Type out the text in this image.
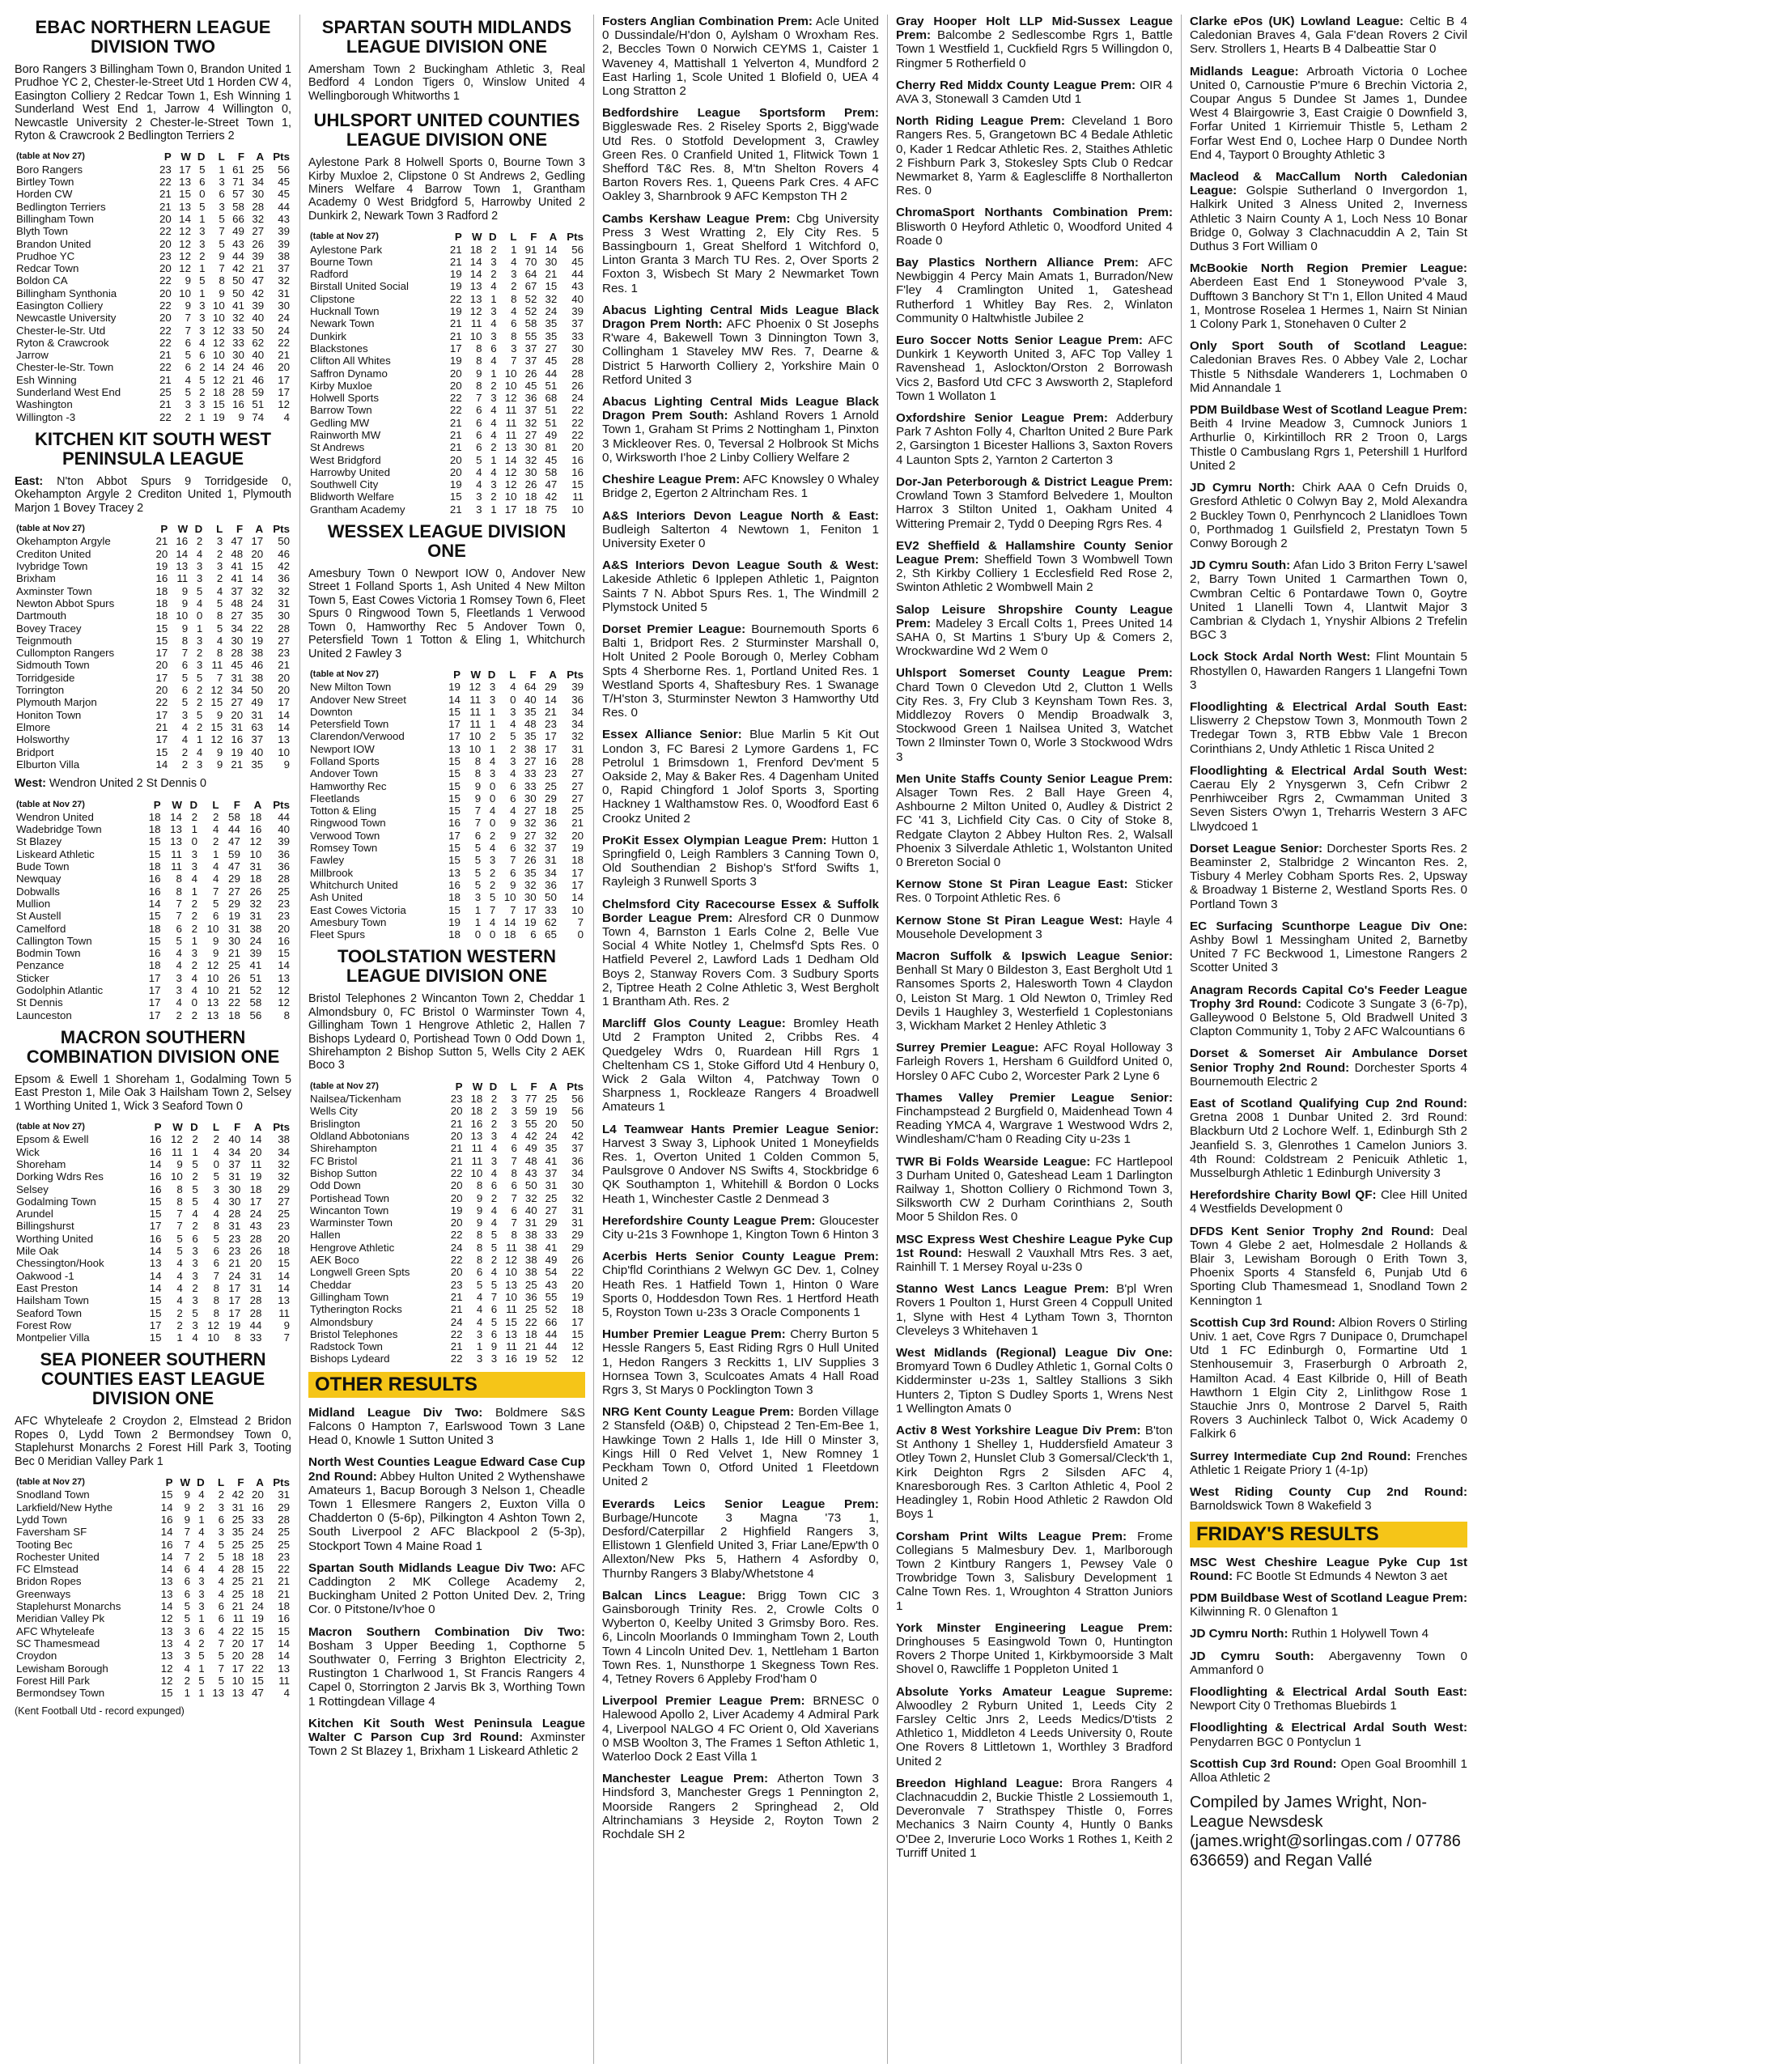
EBAC NORTHERN LEAGUE DIVISION TWO
Boro Rangers 3 Billingham Town 0, Brandon United 1 Prudhoe YC 2, Chester-le-Street Utd 1 Horden CW 4, Easington Colliery 2 Redcar Town 1, Esh Winning 1 Sunderland West End 1, Jarrow 4 Willington 0, Newcastle University 2 Chester-le-Street Town 1, Ryton & Crawcrook 2 Bedlington Terriers 2
(table at Nov 27)	P	W	D	L	F	A	Pts
Boro Rangers	23	17	5	1	61	25	56
Birtley Town	22	13	6	3	71	34	45
Horden CW	21	15	0	6	57	30	45
Bedlington Terriers	21	13	5	3	58	28	44
Billingham Town	20	14	1	5	66	32	43
Blyth Town	22	12	3	7	49	27	39
Brandon United	20	12	3	5	43	26	39
Prudhoe YC	23	12	2	9	44	39	38
Redcar Town	20	12	1	7	42	21	37
Boldon CA	22	9	5	8	50	47	32
Billingham Synthonia	20	10	1	9	50	42	31
Easington Colliery	22	9	3	10	41	39	30
Newcastle University	20	7	3	10	32	40	24
Chester-le-Str. Utd	22	7	3	12	33	50	24
Ryton & Crawcrook	22	6	4	12	33	62	22
Jarrow	21	5	6	10	30	40	21
Chester-le-Str. Town	22	6	2	14	24	46	20
Esh Winning	21	4	5	12	21	46	17
Sunderland West End	25	5	2	18	28	59	17
Washington	21	3	3	15	16	51	12
Willington -3	22	2	1	19	9	74	4
KITCHEN KIT SOUTH WEST PENINSULA LEAGUE
East: N'ton Abbot Spurs 9 Torridgeside 0, Okehampton Argyle 2 Crediton United 1, Plymouth Marjon 1 Bovey Tracey 2
(table at Nov 27)	P	W	D	L	F	A	Pts
Okehampton Argyle	21	16	2	3	47	17	50
Crediton United	20	14	4	2	48	20	46
Ivybridge Town	19	13	3	3	41	15	42
Brixham	16	11	3	2	41	14	36
Axminster Town	18	9	5	4	37	32	32
Newton Abbot Spurs	18	9	4	5	48	24	31
Dartmouth	18	10	0	8	27	35	30
Bovey Tracey	15	9	1	5	34	22	28
Teignmouth	15	8	3	4	30	19	27
Cullompton Rangers	17	7	2	8	28	38	23
Sidmouth Town	20	6	3	11	45	46	21
Torridgeside	17	5	5	7	31	38	20
Torrington	20	6	2	12	34	50	20
Plymouth Marjon	22	5	2	15	27	49	17
Honiton Town	17	3	5	9	20	31	14
Elmore	21	4	2	15	31	63	14
Holsworthy	17	4	1	12	16	37	13
Bridport	15	2	4	9	19	40	10
Elburton Villa	14	2	3	9	21	35	9
West: Wendron United 2 St Dennis 0
(table at Nov 27)	P	W	D	L	F	A	Pts
Wendron United	18	14	2	2	58	18	44
Wadebridge Town	18	13	1	4	44	16	40
St Blazey	15	13	0	2	47	12	39
Liskeard Athletic	15	11	3	1	59	10	36
Bude Town	18	11	3	4	47	31	36
Newquay	16	8	4	4	29	18	28
Dobwalls	16	8	1	7	27	26	25
Mullion	14	7	2	5	29	32	23
St Austell	15	7	2	6	19	31	23
Camelford	18	6	2	10	31	38	20
Callington Town	15	5	1	9	30	24	16
Bodmin Town	16	4	3	9	21	39	15
Penzance	18	4	2	12	25	41	14
Sticker	17	3	4	10	26	51	13
Godolphin Atlantic	17	3	4	10	21	52	12
St Dennis	17	4	0	13	22	58	12
Launceston	17	2	2	13	18	56	8
MACRON SOUTHERN COMBINATION DIVISION ONE
Epsom & Ewell 1 Shoreham 1, Godalming Town 5 East Preston 1, Mile Oak 3 Hailsham Town 2, Selsey 1 Worthing United 1, Wick 3 Seaford Town 0
(table at Nov 27)	P	W	D	L	F	A	Pts
Epsom & Ewell	16	12	2	2	40	14	38
Wick	16	11	1	4	34	20	34
Shoreham	14	9	5	0	37	11	32
Dorking Wdrs Res	16	10	2	5	31	19	32
Selsey	16	8	5	3	30	18	29
Godalming Town	15	8	5	4	30	17	27
Arundel	15	7	4	4	28	24	25
Billingshurst	17	7	2	8	31	43	23
Worthing United	16	5	6	5	23	28	20
Mile Oak	14	5	3	6	23	26	18
Chessington/Hook	13	4	3	6	21	20	15
Oakwood -1	14	4	3	7	24	31	14
East Preston	14	4	2	8	17	31	14
Hailsham Town	15	4	3	8	17	28	13
Seaford Town	15	2	5	8	17	28	11
Forest Row	17	2	3	12	19	44	9
Montpelier Villa	15	1	4	10	8	33	7
SEA PIONEER SOUTHERN COUNTIES EAST LEAGUE DIVISION ONE
AFC Whyteleafe 2 Croydon 2, Elmstead 2 Bridon Ropes 0, Lydd Town 2 Bermondsey Town 0, Staplehurst Monarchs 2 Forest Hill Park 3, Tooting Bec 0 Meridian Valley Park 1
(table at Nov 27)	P	W	D	L	F	A	Pts
Snodland Town	15	9	4	2	42	20	31
Larkfield/New Hythe	14	9	2	3	31	16	29
Lydd Town	16	9	1	6	25	33	28
Faversham SF	14	7	4	3	35	24	25
Tooting Bec	16	7	4	5	25	25	25
Rochester United	14	7	2	5	18	18	23
FC Elmstead	14	6	4	4	28	15	22
Bridon Ropes	13	6	3	4	25	21	21
Greenways	13	6	3	4	25	18	21
Staplehurst Monarchs	14	5	3	6	21	24	18
Meridian Valley Pk	12	5	1	6	11	19	16
AFC Whyteleafe	13	3	6	4	22	15	15
SC Thamesmead	13	4	2	7	20	17	14
Croydon	13	3	5	5	20	28	14
Lewisham Borough	12	4	1	7	17	22	13
Forest Hill Park	12	2	5	5	10	15	11
Bermondsey Town	15	1	1	13	13	47	4
(Kent Football Utd - record expunged)
SPARTAN SOUTH MIDLANDS LEAGUE DIVISION ONE
Amersham Town 2 Buckingham Athletic 3, Real Bedford 4 London Tigers 0, Winslow United 4 Wellingborough Whitworths 1
UHLSPORT UNITED COUNTIES LEAGUE DIVISION ONE
Aylestone Park 8 Holwell Sports 0, Bourne Town 3 Kirby Muxloe 2, Clipstone 0 St Andrews 2, Gedling Miners Welfare 4 Barrow Town 1, Grantham Academy 0 West Bridgford 5, Harrowby United 2 Dunkirk 2, Newark Town 3 Radford 2
(table at Nov 27)	P	W	D	L	F	A	Pts
Aylestone Park	21	18	2	1	91	14	56
Bourne Town	21	14	3	4	70	30	45
Radford	19	14	2	3	64	21	44
Birstall United Social	19	13	4	2	67	15	43
Clipstone	22	13	1	8	52	32	40
Hucknall Town	19	12	3	4	52	24	39
Newark Town	21	11	4	6	58	35	37
Dunkirk	21	10	3	8	55	35	33
Blackstones	17	8	6	3	37	27	30
Clifton All Whites	19	8	4	7	37	45	28
Saffron Dynamo	20	9	1	10	26	44	28
Kirby Muxloe	20	8	2	10	45	51	26
Holwell Sports	22	7	3	12	36	68	24
Barrow Town	22	6	4	11	37	51	22
Gedling MW	21	6	4	11	32	51	22
Rainworth MW	21	6	4	11	27	49	22
St Andrews	21	6	2	13	30	81	20
West Bridgford	20	5	1	14	32	45	16
Harrowby United	20	4	4	12	30	58	16
Southwell City	19	4	3	12	26	47	15
Blidworth Welfare	15	3	2	10	18	42	11
Grantham Academy	21	3	1	17	18	75	10
WESSEX LEAGUE DIVISION ONE
Amesbury Town 0 Newport IOW 0, Andover New Street 1 Folland Sports 1, Ash United 4 New Milton Town 5, East Cowes Victoria 1 Romsey Town 6, Fleet Spurs 0 Ringwood Town 5, Fleetlands 1 Verwood Town 0, Hamworthy Rec 5 Andover Town 0, Petersfield Town 1 Totton & Eling 1, Whitchurch United 2 Fawley 3
(table at Nov 27)	P	W	D	L	F	A	Pts
New Milton Town	19	12	3	4	64	29	39
Andover New Street	14	11	3	0	40	14	36
Downton	15	11	1	3	35	21	34
Petersfield Town	17	11	1	4	48	23	34
Clarendon/Verwood	17	10	2	5	35	17	32
Newport IOW	13	10	1	2	38	17	31
Folland Sports	15	8	4	3	27	16	28
Andover Town	15	8	3	4	33	23	27
Hamworthy Rec	15	9	0	6	33	25	27
Fleetlands	15	9	0	6	30	29	27
Totton & Eling	15	7	4	4	27	18	25
Ringwood Town	16	7	0	9	32	36	21
Verwood Town	17	6	2	9	27	32	20
Romsey Town	15	5	4	6	32	37	19
Fawley	15	5	3	7	26	31	18
Millbrook	13	5	2	6	35	34	17
Whitchurch United	16	5	2	9	32	36	17
Ash United	18	3	5	10	30	50	14
East Cowes Victoria	15	1	7	7	17	33	10
Amesbury Town	19	1	4	14	19	62	7
Fleet Spurs	18	0	0	18	6	65	0
TOOLSTATION WESTERN LEAGUE DIVISION ONE
Bristol Telephones 2 Wincanton Town 2, Cheddar 1 Almondsbury 0, FC Bristol 0 Warminster Town 4, Gillingham Town 1 Hengrove Athletic 2, Hallen 7 Bishops Lydeard 0, Portishead Town 0 Odd Down 1, Shirehampton 2 Bishop Sutton 5, Wells City 2 AEK Boco 3
(table at Nov 27)	P	W	D	L	F	A	Pts
Nailsea/Tickenham	23	18	2	3	77	25	56
Wells City	20	18	2	3	59	19	56
Brislington	21	16	2	3	55	20	50
Oldland Abbotonians	20	13	3	4	42	24	42
Shirehampton	21	11	4	6	49	35	37
FC Bristol	21	11	3	7	48	41	36
Bishop Sutton	22	10	4	8	43	37	34
Odd Down	20	8	6	6	50	31	30
Portishead Town	20	9	2	7	32	25	32
Wincanton Town	19	9	4	6	40	27	31
Warminster Town	20	9	4	7	31	29	31
Hallen	22	8	5	8	38	33	29
Hengrove Athletic	24	8	5	11	38	41	29
AEK Boco	22	8	2	12	38	49	26
Longwell Green Spts	20	6	4	10	38	54	22
Cheddar	23	5	5	13	25	43	20
Gillingham Town	21	4	7	10	36	55	19
Tytherington Rocks	21	4	6	11	25	52	18
Almondsbury	24	4	5	15	22	66	17
Bristol Telephones	22	3	6	13	18	44	15
Radstock Town	21	1	9	11	21	44	12
Bishops Lydeard	22	3	3	16	19	52	12
OTHER RESULTS
Midland League Div Two: Boldmere S&S Falcons 0 Hampton 7, Earlswood Town 3 Lane Head 0, Knowle 1 Sutton United 3
North West Counties League Edward Case Cup 2nd Round: Abbey Hulton United 2 Wythenshawe Amateurs 1, Bacup Borough 3 Nelson 1, Cheadle Town 1 Ellesmere Rangers 2, Euxton Villa 0 Chadderton 0 (5-6p), Pilkington 4 Ashton Town 2, South Liverpool 2 AFC Blackpool 2 (5-3p), Stockport Town 4 Maine Road 1
Spartan South Midlands League Div Two: AFC Caddington 2 MK College Academy 2, Buckingham United 2 Potton United Dev. 2, Tring Cor. 0 Pitstone/Iv'hoe 0
Macron Southern Combination Div Two: Bosham 3 Upper Beeding 1, Copthorne 5 Southwater 0, Ferring 3 Brighton Electricity 2, Rustington 1 Charlwood 1, St Francis Rangers 4 Capel 0, Storrington 2 Jarvis Bk 3, Worthing Town 1 Rottingdean Village 4
Kitchen Kit South West Peninsula League Walter C Parson Cup 3rd Round: Axminster Town 2 St Blazey 1, Brixham 1 Liskeard Athletic 2
Fosters Anglian Combination Prem: Acle United 0 Dussindale/H'don 0, Aylsham 0 Wroxham Res. 2, Beccles Town 0 Norwich CEYMS 1, Caister 1 Waveney 4, Mattishall 1 Yelverton 4, Mundford 2 East Harling 1, Scole United 1 Blofield 0, UEA 4 Long Stratton 2
Bedfordshire League Sportsform Prem: Biggleswade Res. 2 Riseley Sports 2, Bigg'wade Utd Res. 0 Stotfold Development 3, Crawley Green Res. 0 Cranfield United 1, Flitwick Town 1 Shefford T&C Res. 8, M'tn Shelton Rovers 4 Barton Rovers Res. 1, Queens Park Cres. 4 AFC Oakley 3, Sharnbrook 9 AFC Kempston TH 2
Cambs Kershaw League Prem: Cbg University Press 3 West Wratting 2, Ely City Res. 5 Bassingbourn 1, Great Shelford 1 Witchford 0, Linton Granta 3 March TU Res. 2, Over Sports 2 Foxton 3, Wisbech St Mary 2 Newmarket Town Res. 1
Abacus Lighting Central Mids League Black Dragon Prem North: AFC Phoenix 0 St Josephs R'ware 4, Bakewell Town 3 Dinnington Town 3, Collingham 1 Staveley MW Res. 7, Dearne & District 5 Harworth Colliery 2, Yorkshire Main 0 Retford United 3
Abacus Lighting Central Mids League Black Dragon Prem South: Ashland Rovers 1 Arnold Town 1, Graham St Prims 2 Nottingham 1, Pinxton 3 Mickleover Res. 0, Teversal 2 Holbrook St Michs 0, Wirksworth I'hoe 2 Linby Colliery Welfare 2
Cheshire League Prem: AFC Knowsley 0 Whaley Bridge 2, Egerton 2 Altrincham Res. 1
A&S Interiors Devon League North & East: Budleigh Salterton 4 Newtown 1, Feniton 1 University Exeter 0
A&S Interiors Devon League South & West: Lakeside Athletic 6 Ipplepen Athletic 1, Paignton Saints 7 N. Abbot Spurs Res. 1, The Windmill 2 Plymstock United 5
Dorset Premier League: Bournemouth Sports 6 Balti 1, Bridport Res. 2 Sturminster Marshall 0, Holt United 2 Poole Borough 0, Merley Cobham Spts 4 Sherborne Res. 1, Portland United Res. 1 Westland Sports 4, Shaftesbury Res. 1 Swanage T/H'ston 3, Sturminster Newton 3 Hamworthy Utd Res. 0
Essex Alliance Senior: Blue Marlin 5 Kit Out London 3, FC Baresi 2 Lymore Gardens 1, FC Petrolul 1 Brimsdown 1, Frenford Dev'ment 5 Oakside 2, May & Baker Res. 4 Dagenham United 0, Rapid Chingford 1 Jolof Sports 3, Sporting Hackney 1 Walthamstow Res. 0, Woodford East 6 Crookz United 2
ProKit Essex Olympian League Prem: Hutton 1 Springfield 0, Leigh Ramblers 3 Canning Town 0, Old Southendian 2 Bishop's St'ford Swifts 1, Rayleigh 3 Runwell Sports 3
Chelmsford City Racecourse Essex & Suffolk Border League Prem: Alresford CR 0 Dunmow Town 4, Barnston 1 Earls Colne 2, Belle Vue Social 4 White Notley 1, Chelmsf'd Spts Res. 0 Hatfield Peverel 2, Lawford Lads 1 Dedham Old Boys 2, Stanway Rovers Com. 3 Sudbury Sports 2, Tiptree Heath 2 Colne Athletic 3, West Bergholt 1 Brantham Ath. Res. 2
Marcliff Glos County League: Bromley Heath Utd 2 Frampton United 2, Cribbs Res. 4 Quedgeley Wdrs 0, Ruardean Hill Rgrs 1 Cheltenham CS 1, Stoke Gifford Utd 4 Henbury 0, Wick 2 Gala Wilton 4, Patchway Town 0 Sharpness 1, Rockleaze Rangers 4 Broadwell Amateurs 1
L4 Teamwear Hants Premier League Senior: Harvest 3 Sway 3, Liphook United 1 Moneyfields Res. 1, Overton United 1 Colden Common 5, Paulsgrove 0 Andover NS Swifts 4, Stockbridge 6 QK Southampton 1, Whitehill & Bordon 0 Locks Heath 1, Winchester Castle 2 Denmead 3
Herefordshire County League Prem: Gloucester City u-21s 3 Fownhope 1, Kington Town 6 Hinton 3
Acerbis Herts Senior County League Prem: Chip'fld Corinthians 2 Welwyn GC Dev. 1, Colney Heath Res. 1 Hatfield Town 1, Hinton 0 Ware Sports 0, Hoddesdon Town Res. 1 Hertford Heath 5, Royston Town u-23s 3 Oracle Components 1
Humber Premier League Prem: Cherry Burton 5 Hessle Rangers 5, East Riding Rgrs 0 Hull United 1, Hedon Rangers 3 Reckitts 1, LIV Supplies 3 Hornsea Town 3, Sculcoates Amats 4 Hall Road Rgrs 3, St Marys 0 Pocklington Town 3
NRG Kent County League Prem: Borden Village 2 Stansfeld (O&B) 0, Chipstead 2 Ten-Em-Bee 1, Hawkinge Town 2 Halls 1, Ide Hill 0 Minster 3, Kings Hill 0 Red Velvet 1, New Romney 1 Peckham Town 0, Otford United 1 Fleetdown United 2
Everards Leics Senior League Prem: Burbage/Huncote 3 Magna '73 1, Desford/Caterpillar 2 Highfield Rangers 3, Ellistown 1 Glenfield United 3, Friar Lane/Epw'th 0 Allexton/New Pks 5, Hathern 4 Asfordby 0, Thurnby Rangers 3 Blaby/Whetstone 4
Balcan Lincs League: Brigg Town CIC 3 Gainsborough Trinity Res. 2, Crowle Colts 0 Wyberton 0, Keelby United 3 Grimsby Boro. Res. 6, Lincoln Moorlands 0 Immingham Town 2, Louth Town 4 Lincoln United Dev. 1, Nettleham 1 Barton Town Res. 1, Nunsthorpe 1 Skegness Town Res. 4, Tetney Rovers 6 Appleby Frod'ham 0
Liverpool Premier League Prem: BRNESC 0 Halewood Apollo 2, Liver Academy 4 Admiral Park 4, Liverpool NALGO 4 FC Orient 0, Old Xaverians 0 MSB Woolton 3, The Frames 1 Sefton Athletic 1, Waterloo Dock 2 East Villa 1
Manchester League Prem: Atherton Town 3 Hindsford 3, Manchester Gregs 1 Pennington 2, Moorside Rangers 2 Springhead 2, Old Altrinchamians 3 Heyside 2, Royton Town 2 Rochdale SH 2
Gray Hooper Holt LLP Mid-Sussex League Prem: Balcombe 2 Sedlescombe Rgrs 1, Battle Town 1 Westfield 1, Cuckfield Rgrs 5 Willingdon 0, Ringmer 5 Rotherfield 0
Cherry Red Middx County League Prem: OIR 4 AVA 3, Stonewall 3 Camden Utd 1
North Riding League Prem: Cleveland 1 Boro Rangers Res. 5, Grangetown BC 4 Bedale Athletic 0, Kader 1 Redcar Athletic Res. 2, Staithes Athletic 2 Fishburn Park 3, Stokesley Spts Club 0 Redcar Newmarket 8, Yarm & Eaglescliffe 8 Northallerton Res. 0
ChromaSport Northants Combination Prem: Blisworth 0 Heyford Athletic 0, Woodford United 4 Roade 0
Bay Plastics Northern Alliance Prem: AFC Newbiggin 4 Percy Main Amats 1, Burradon/New F'ley 4 Cramlington United 1, Gateshead Rutherford 1 Whitley Bay Res. 2, Winlaton Community 0 Haltwhistle Jubilee 2
Euro Soccer Notts Senior League Prem: AFC Dunkirk 1 Keyworth United 3, AFC Top Valley 1 Ravenshead 1, Aslockton/Orston 2 Borrowash Vics 2, Basford Utd CFC 3 Awsworth 2, Stapleford Town 1 Wollaton 1
Oxfordshire Senior League Prem: Adderbury Park 7 Ashton Folly 4, Charlton United 2 Bure Park 2, Garsington 1 Bicester Hallions 3, Saxton Rovers 4 Launton Spts 2, Yarnton 2 Carterton 3
Dor-Jan Peterborough & District League Prem: Crowland Town 3 Stamford Belvedere 1, Moulton Harrox 3 Stilton United 1, Oakham United 4 Wittering Premair 2, Tydd 0 Deeping Rgrs Res. 4
EV2 Sheffield & Hallamshire County Senior League Prem: Sheffield Town 3 Wombwell Town 2, Sth Kirkby Colliery 1 Ecclesfield Red Rose 2, Swinton Athletic 2 Wombwell Main 2
Salop Leisure Shropshire County League Prem: Madeley 3 Ercall Colts 1, Prees United 14 SAHA 0, St Martins 1 S'bury Up & Comers 2, Wrockwardine Wd 2 Wem 0
Uhlsport Somerset County League Prem: Chard Town 0 Clevedon Utd 2, Clutton 1 Wells City Res. 3, Fry Club 3 Keynsham Town Res. 3, Middlezoy Rovers 0 Mendip Broadwalk 3, Stockwood Green 1 Nailsea United 3, Watchet Town 2 Ilminster Town 0, Worle 3 Stockwood Wdrs 3
Men Unite Staffs County Senior League Prem: Alsager Town Res. 2 Ball Haye Green 4, Ashbourne 2 Milton United 0, Audley & District 2 FC '41 3, Lichfield City Cas. 0 City of Stoke 8, Redgate Clayton 2 Abbey Hulton Res. 2, Walsall Phoenix 3 Silverdale Athletic 1, Wolstanton United 0 Brereton Social 0
Kernow Stone St Piran League East: Sticker Res. 0 Torpoint Athletic Res. 6
Kernow Stone St Piran League West: Hayle 4 Mousehole Development 3
Macron Suffolk & Ipswich League Senior: Benhall St Mary 0 Bildeston 3, East Bergholt Utd 1 Ransomes Sports 2, Halesworth Town 4 Claydon 0, Leiston St Marg. 1 Old Newton 0, Trimley Red Devils 1 Haughley 3, Westerfield 1 Coplestonians 3, Wickham Market 2 Henley Athletic 3
Surrey Premier League: AFC Royal Holloway 3 Farleigh Rovers 1, Hersham 6 Guildford United 0, Horsley 0 AFC Cubo 2, Worcester Park 2 Lyne 6
Thames Valley Premier League Senior: Finchampstead 2 Burgfield 0, Maidenhead Town 4 Reading YMCA 4, Wargrave 1 Westwood Wdrs 2, Windlesham/C'ham 0 Reading City u-23s 1
TWR Bi Folds Wearside League: FC Hartlepool 3 Durham United 0, Gateshead Leam 1 Darlington Railway 1, Shotton Colliery 0 Richmond Town 3, Silksworth CW 2 Durham Corinthians 2, South Moor 5 Shildon Res. 0
MSC Express West Cheshire League Pyke Cup 1st Round: Heswall 2 Vauxhall Mtrs Res. 3 aet, Rainhill T. 1 Mersey Royal u-23s 0
Stanno West Lancs League Prem: B'pl Wren Rovers 1 Poulton 1, Hurst Green 4 Coppull United 1, Slyne with Hest 4 Lytham Town 3, Thornton Cleveleys 3 Whitehaven 1
West Midlands (Regional) League Div One: Bromyard Town 6 Dudley Athletic 1, Gornal Colts 0 Kidderminster u-23s 1, Saltley Stallions 3 Sikh Hunters 2, Tipton S Dudley Sports 1, Wrens Nest 1 Wellington Amats 0
Activ 8 West Yorkshire League Div Prem: B'ton St Anthony 1 Shelley 1, Huddersfield Amateur 3 Otley Town 2, Hunslet Club 3 Gomersal/Cleck'th 1, Kirk Deighton Rgrs 2 Silsden AFC 4, Knaresborough Res. 3 Carlton Athletic 4, Pool 2 Headingley 1, Robin Hood Athletic 2 Rawdon Old Boys 1
Corsham Print Wilts League Prem: Frome Collegians 5 Malmesbury Dev. 1, Marlborough Town 2 Kintbury Rangers 1, Pewsey Vale 0 Trowbridge Town 3, Salisbury Development 1 Calne Town Res. 1, Wroughton 4 Stratton Juniors 1
York Minster Engineering League Prem: Dringhouses 5 Easingwold Town 0, Huntington Rovers 2 Thorpe United 1, Kirkbymoorside 3 Malt Shovel 0, Rawcliffe 1 Poppleton United 1
Absolute Yorks Amateur League Supreme: Alwoodley 2 Ryburn United 1, Leeds City 2 Farsley Celtic Jnrs 2, Leeds Medics/D'tists 2 Athletico 1, Middleton 4 Leeds University 0, Route One Rovers 8 Littletown 1, Worthley 3 Bradford United 2
Breedon Highland League: Brora Rangers 4 Clachnacuddin 2, Buckie Thistle 2 Lossiemouth 1, Deveronvale 7 Strathspey Thistle 0, Forres Mechanics 3 Nairn County 4, Huntly 0 Banks O'Dee 2, Inverurie Loco Works 1 Rothes 1, Keith 2 Turriff United 1
Clarke ePos (UK) Lowland League: Celtic B 4 Caledonian Braves 4, Gala F'dean Rovers 2 Civil Serv. Strollers 1, Hearts B 4 Dalbeattie Star 0
Midlands League: Arbroath Victoria 0 Lochee United 0, Carnoustie P'mure 6 Brechin Victoria 2, Coupar Angus 5 Dundee St James 1, Dundee West 4 Blairgowrie 3, East Craigie 0 Downfield 3, Forfar United 1 Kirriemuir Thistle 5, Letham 2 Forfar West End 0, Lochee Harp 0 Dundee North End 4, Tayport 0 Broughty Athletic 3
Macleod & MacCallum North Caledonian League: Golspie Sutherland 0 Invergordon 1, Halkirk United 3 Alness United 2, Inverness Athletic 3 Nairn County A 1, Loch Ness 10 Bonar Bridge 0, Golway 3 Clachnacuddin A 2, Tain St Duthus 3 Fort William 0
McBookie North Region Premier League: Aberdeen East End 1 Stoneywood P'vale 3, Dufftown 3 Banchory St T'n 1, Ellon United 4 Maud 1, Montrose Roselea 1 Hermes 1, Nairn St Ninian 1 Colony Park 1, Stonehaven 0 Culter 2
Only Sport South of Scotland League: Caledonian Braves Res. 0 Abbey Vale 2, Lochar Thistle 5 Nithsdale Wanderers 1, Lochmaben 0 Mid Annandale 1
PDM Buildbase West of Scotland League Prem: Beith 4 Irvine Meadow 3, Cumnock Juniors 1 Arthurlie 0, Kirkintilloch RR 2 Troon 0, Largs Thistle 0 Cambuslang Rgrs 1, Petershill 1 Hurlford United 2
JD Cymru North: Chirk AAA 0 Cefn Druids 0, Gresford Athletic 0 Colwyn Bay 2, Mold Alexandra 2 Buckley Town 0, Penrhyncoch 2 Llanidloes Town 0, Porthmadog 1 Guilsfield 2, Prestatyn Town 5 Conwy Borough 2
JD Cymru South: Afan Lido 3 Briton Ferry L'sawel 2, Barry Town United 1 Carmarthen Town 0, Cwmbran Celtic 6 Pontardawe Town 0, Goytre United 1 Llanelli Town 4, Llantwit Major 3 Cambrian & Clydach 1, Ynyshir Albions 2 Trefelin BGC 3
Lock Stock Ardal North West: Flint Mountain 5 Rhostyllen 0, Hawarden Rangers 1 Llangefni Town 3
Floodlighting & Electrical Ardal South East: Lliswerry 2 Chepstow Town 3, Monmouth Town 2 Tredegar Town 3, RTB Ebbw Vale 1 Brecon Corinthians 2, Undy Athletic 1 Risca United 2
Floodlighting & Electrical Ardal South West: Caerau Ely 2 Ynysgerwn 3, Cefn Cribwr 2 Penrhiwceiber Rgrs 2, Cwmamman United 3 Seven Sisters O'wyn 1, Treharris Western 3 AFC Llwydcoed 1
Dorset League Senior: Dorchester Sports Res. 2 Beaminster 2, Stalbridge 2 Wincanton Res. 2, Tisbury 4 Merley Cobham Sports Res. 2, Upsway & Broadway 1 Bisterne 2, Westland Sports Res. 0 Portland Town 3
EC Surfacing Scunthorpe League Div One: Ashby Bowl 1 Messingham United 2, Barnetby United 7 FC Beckwood 1, Limestone Rangers 2 Scotter United 3
Anagram Records Capital Co's Feeder League Trophy 3rd Round: Codicote 3 Sungate 3 (6-7p), Galleywood 0 Belstone 5, Old Bradwell United 3 Clapton Community 1, Toby 2 AFC Walcountians 6
Dorset & Somerset Air Ambulance Dorset Senior Trophy 2nd Round: Dorchester Sports 4 Bournemouth Electric 2
East of Scotland Qualifying Cup 2nd Round: Gretna 2008 1 Dunbar United 2. 3rd Round: Blackburn Utd 2 Lochore Welf. 1, Edinburgh Sth 2 Jeanfield S. 3, Glenrothes 1 Camelon Juniors 3. 4th Round: Coldstream 2 Penicuik Athletic 1, Musselburgh Athletic 1 Edinburgh University 3
Herefordshire Charity Bowl QF: Clee Hill United 4 Westfields Development 0
DFDS Kent Senior Trophy 2nd Round: Deal Town 4 Glebe 2 aet, Holmesdale 2 Hollands & Blair 3, Lewisham Borough 0 Erith Town 3, Phoenix Sports 4 Stansfeld 6, Punjab Utd 6 Sporting Club Thamesmead 1, Snodland Town 2 Kennington 1
Scottish Cup 3rd Round: Albion Rovers 0 Stirling Univ. 1 aet, Cove Rgrs 7 Dunipace 0, Drumchapel Utd 1 FC Edinburgh 0, Formartine Utd 1 Stenhousemuir 3, Fraserburgh 0 Arbroath 2, Hamilton Acad. 4 East Kilbride 0, Hill of Beath Hawthorn 1 Elgin City 2, Linlithgow Rose 1 Stauchie Jnrs 0, Montrose 2 Darvel 5, Raith Rovers 3 Auchinleck Talbot 0, Wick Academy 0 Falkirk 6
Surrey Intermediate Cup 2nd Round: Frenches Athletic 1 Reigate Priory 1 (4-1p)
West Riding County Cup 2nd Round: Barnoldswick Town 8 Wakefield 3
FRIDAY'S RESULTS
MSC West Cheshire League Pyke Cup 1st Round: FC Bootle St Edmunds 4 Newton 3 aet
PDM Buildbase West of Scotland League Prem: Kilwinning R. 0 Glenafton 1
JD Cymru North: Ruthin 1 Holywell Town 4
JD Cymru South: Abergavenny Town 0 Ammanford 0
Floodlighting & Electrical Ardal South East: Newport City 0 Trethomas Bluebirds 1
Floodlighting & Electrical Ardal South West: Penydarren BGC 0 Pontyclun 1
Scottish Cup 3rd Round: Open Goal Broomhill 1 Alloa Athletic 2
Compiled by James Wright, Non-League Newsdesk (james.wright@sorlingas.com / 07786 636659) and Regan Vallé
